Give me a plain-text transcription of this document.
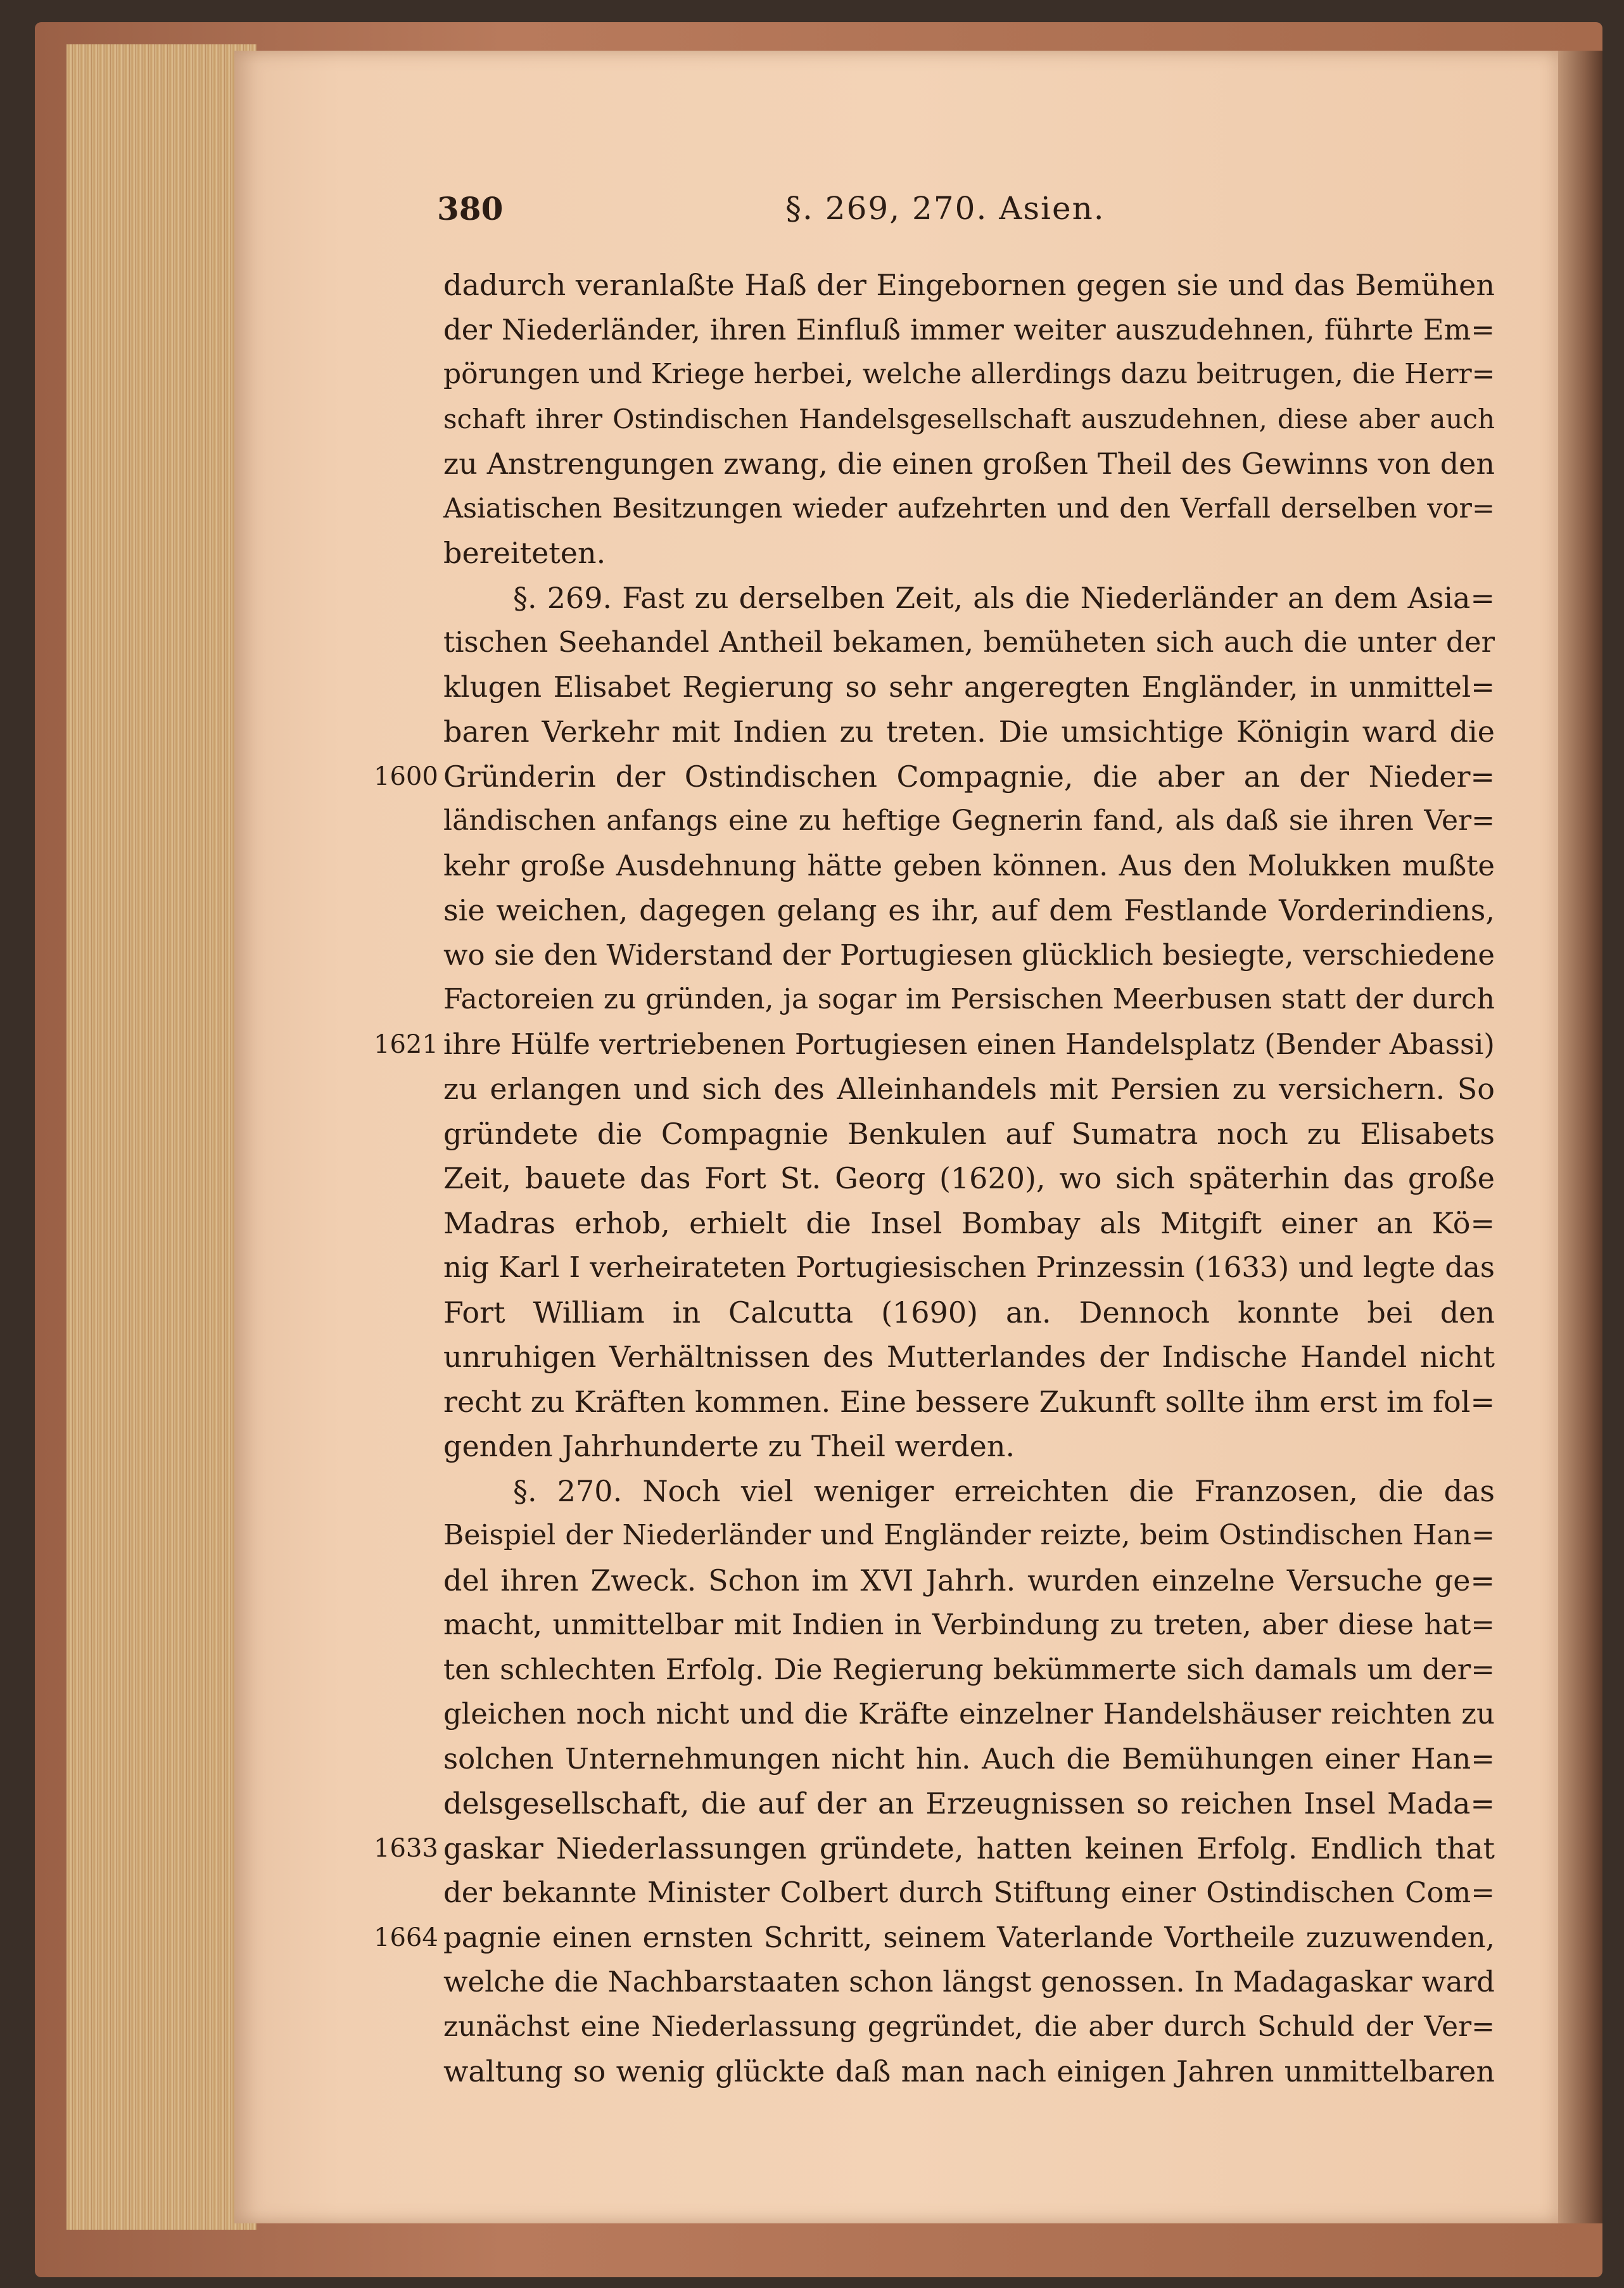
380	§. 269, 270. Asien.
dadurch veranlaßte Haß der Eingebornen gegen sie und das Bemühen
der Niederländer, ihren Einfluß immer weiter auszudehnen, führte Em=
pörungen und Kriege herbei, welche allerdings dazu beitrugen, die Herr=
schaft ihrer Ostindischen Handelsgesellschaft auszudehnen, diese aber auch
zu Anstrengungen zwang, die einen großen Theil des Gewinns von den
Asiatischen Besitzungen wieder aufzehrten und den Verfall derselben vor=
bereiteten.
§. 269. Fast zu derselben Zeit, als die Niederländer an dem Asia=
tischen Seehandel Antheil bekamen, bemüheten sich auch die unter der
klugen Elisabet Regierung so sehr angeregten Engländer, in unmittel=
baren Verkehr mit Indien zu treten. Die umsichtige Königin ward die
1600 Gründerin der Ostindischen Compagnie, die aber an der Nieder=
ländischen anfangs eine zu heftige Gegnerin fand, als daß sie ihren Ver=
kehr große Ausdehnung hätte geben können. Aus den Molukken mußte
sie weichen, dagegen gelang es ihr, auf dem Festlande Vorderindiens,
wo sie den Widerstand der Portugiesen glücklich besiegte, verschiedene
Factoreien zu gründen, ja sogar im Persischen Meerbusen statt der durch
1621 ihre Hülfe vertriebenen Portugiesen einen Handelsplatz (Bender Abassi)
zu erlangen und sich des Alleinhandels mit Persien zu versichern. So
gründete die Compagnie Benkulen auf Sumatra noch zu Elisabets
Zeit, bauete das Fort St. Georg (1620), wo sich späterhin das große
Madras erhob, erhielt die Insel Bombay als Mitgift einer an Kö=
nig Karl I verheirateten Portugiesischen Prinzessin (1633) und legte das
Fort William in Calcutta (1690) an. Dennoch konnte bei den
unruhigen Verhältnissen des Mutterlandes der Indische Handel nicht
recht zu Kräften kommen. Eine bessere Zukunft sollte ihm erst im fol=
genden Jahrhunderte zu Theil werden.
§. 270. Noch viel weniger erreichten die Franzosen, die das
Beispiel der Niederländer und Engländer reizte, beim Ostindischen Han=
del ihren Zweck. Schon im XVI Jahrh. wurden einzelne Versuche ge=
macht, unmittelbar mit Indien in Verbindung zu treten, aber diese hat=
ten schlechten Erfolg. Die Regierung bekümmerte sich damals um der=
gleichen noch nicht und die Kräfte einzelner Handelshäuser reichten zu
solchen Unternehmungen nicht hin. Auch die Bemühungen einer Han=
delsgesellschaft, die auf der an Erzeugnissen so reichen Insel Mada=
1633 gaskar Niederlassungen gründete, hatten keinen Erfolg. Endlich that
der bekannte Minister Colbert durch Stiftung einer Ostindischen Com=
1664 pagnie einen ernsten Schritt, seinem Vaterlande Vortheile zuzuwenden,
welche die Nachbarstaaten schon längst genossen. In Madagaskar ward
zunächst eine Niederlassung gegründet, die aber durch Schuld der Ver=
waltung so wenig glückte daß man nach einigen Jahren unmittelbaren
